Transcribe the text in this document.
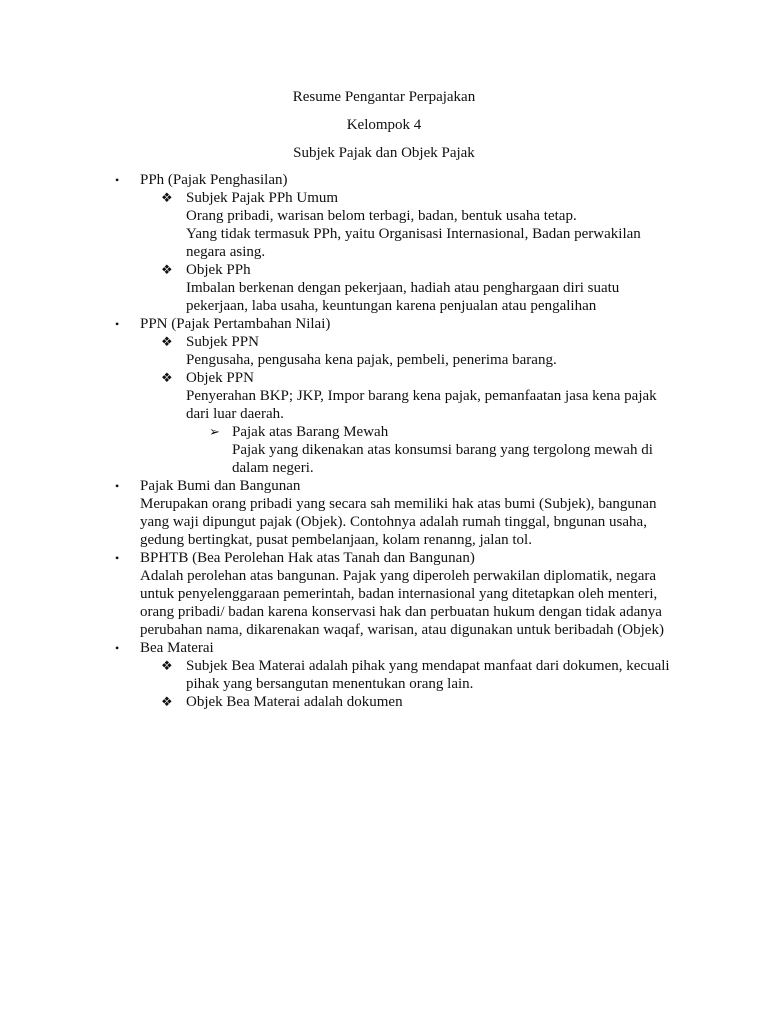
Resume Pengantar Perpajakan
Kelompok 4
Subjek Pajak dan Objek Pajak
• PPh (Pajak Penghasilan)
❖ Subjek Pajak PPh Umum
Orang pribadi, warisan belom terbagi, badan, bentuk usaha tetap.
Yang tidak termasuk PPh, yaitu Organisasi Internasional, Badan perwakilan negara asing.
❖ Objek PPh
Imbalan berkenan dengan pekerjaan, hadiah atau penghargaan diri suatu pekerjaan, laba usaha, keuntungan karena penjualan atau pengalihan
• PPN (Pajak Pertambahan Nilai)
❖ Subjek PPN
Pengusaha, pengusaha kena pajak, pembeli, penerima barang.
❖ Objek PPN
Penyerahan BKP; JKP, Impor barang kena pajak, pemanfaatan jasa kena pajak dari luar daerah.
➢ Pajak atas Barang Mewah
Pajak yang dikenakan atas konsumsi barang yang tergolong mewah di dalam negeri.
• Pajak Bumi dan Bangunan
Merupakan orang pribadi yang secara sah memiliki hak atas bumi (Subjek), bangunan yang waji dipungut pajak (Objek). Contohnya adalah rumah tinggal, bngunan usaha, gedung bertingkat, pusat pembelanjaan, kolam renanng, jalan tol.
• BPHTB (Bea Perolehan Hak atas Tanah dan Bangunan)
Adalah perolehan atas bangunan. Pajak yang diperoleh perwakilan diplomatik, negara untuk penyelenggaraan pemerintah, badan internasional yang ditetapkan oleh menteri, orang pribadi/ badan karena konservasi hak dan perbuatan hukum dengan tidak adanya perubahan nama, dikarenakan waqaf, warisan, atau digunakan untuk beribadah (Objek)
• Bea Materai
❖ Subjek Bea Materai adalah pihak yang mendapat manfaat dari dokumen, kecuali pihak yang bersangutan menentukan orang lain.
❖ Objek Bea Materai adalah dokumen
